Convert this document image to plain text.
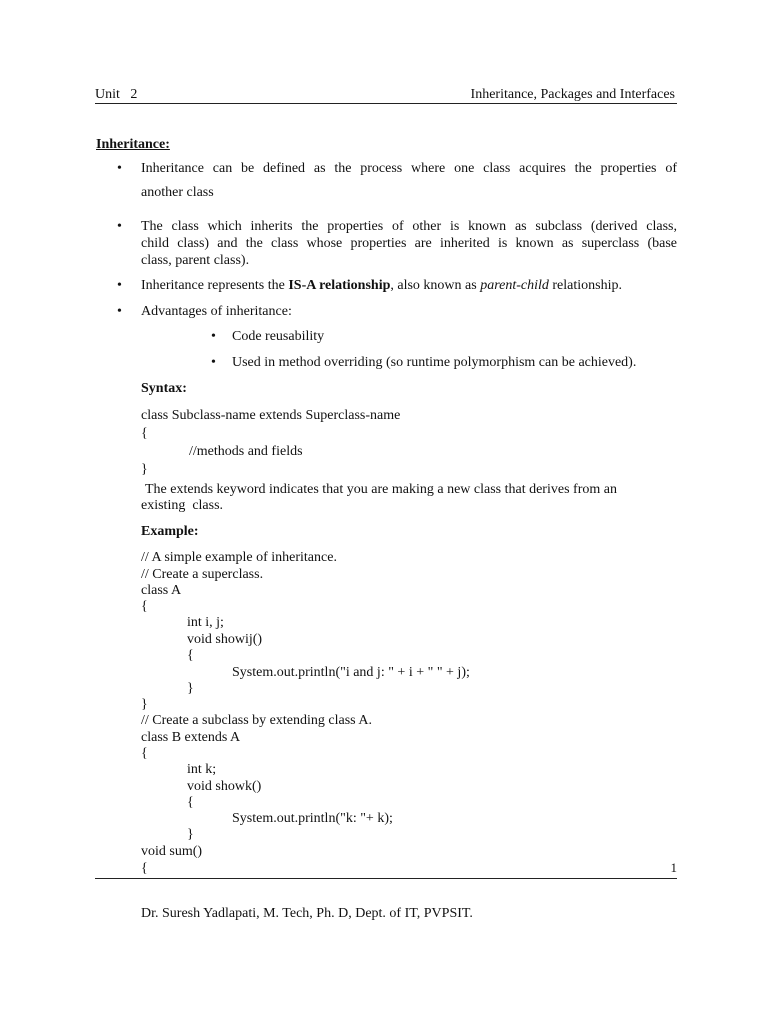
Unit   2	Inheritance, Packages and Interfaces
Inheritance:
• Inheritance can be defined as the process where one class acquires the properties of
another class
• The class which inherits the properties of other is known as subclass (derived class,
child class) and the class whose properties are inherited is known as superclass (base
class, parent class).
• Inheritance represents the IS-A relationship, also known as parent-child relationship.
• Advantages of inheritance:
• Code reusability
• Used in method overriding (so runtime polymorphism can be achieved).
Syntax:
class Subclass-name extends Superclass-name
{
//methods and fields
}
The extends keyword indicates that you are making a new class that derives from an
existing  class.
Example:
// A simple example of inheritance.
// Create a superclass.
class A
{
int i, j;
void showij()
{
System.out.println("i and j: " + i + " " + j);
}
}
// Create a subclass by extending class A.
class B extends A
{
int k;
void showk()
{
System.out.println("k: "+ k);
}
void sum()
{	1
Dr. Suresh Yadlapati, M. Tech, Ph. D, Dept. of IT, PVPSIT.
